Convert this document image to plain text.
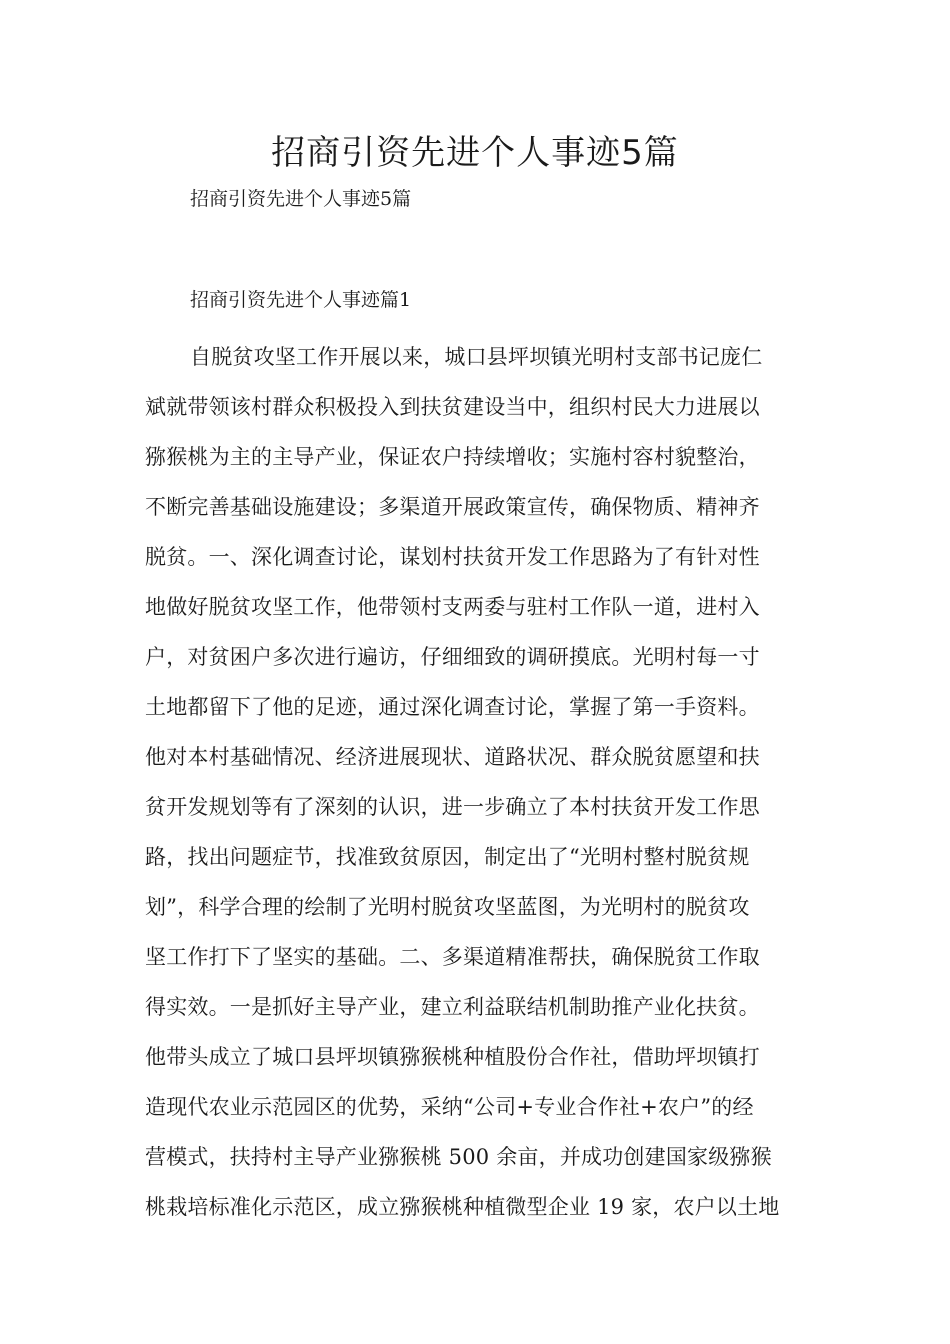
招商引资先进个人事迹5篇

招商引资先进个人事迹5篇

招商引资先进个人事迹篇1

自脱贫攻坚工作开展以来，城口县坪坝镇光明村支部书记庞仁
斌就带领该村群众积极投入到扶贫建设当中，组织村民大力进展以
猕猴桃为主的主导产业，保证农户持续增收；实施村容村貌整治，
不断完善基础设施建设；多渠道开展政策宣传，确保物质、精神齐
脱贫。一、深化调查讨论，谋划村扶贫开发工作思路为了有针对性
地做好脱贫攻坚工作，他带领村支两委与驻村工作队一道，进村入
户，对贫困户多次进行遍访，仔细细致的调研摸底。光明村每一寸
土地都留下了他的足迹，通过深化调查讨论，掌握了第一手资料。
他对本村基础情况、经济进展现状、道路状况、群众脱贫愿望和扶
贫开发规划等有了深刻的认识，进一步确立了本村扶贫开发工作思
路，找出问题症节，找准致贫原因，制定出了“光明村整村脱贫规
划”，科学合理的绘制了光明村脱贫攻坚蓝图，为光明村的脱贫攻
坚工作打下了坚实的基础。二、多渠道精准帮扶，确保脱贫工作取
得实效。一是抓好主导产业，建立利益联结机制助推产业化扶贫。
他带头成立了城口县坪坝镇猕猴桃种植股份合作社，借助坪坝镇打
造现代农业示范园区的优势，采纳“公司+专业合作社+农户”的经
营模式，扶持村主导产业猕猴桃 500 余亩，并成功创建国家级猕猴
桃栽培标准化示范区，成立猕猴桃种植微型企业 19 家，农户以土地
